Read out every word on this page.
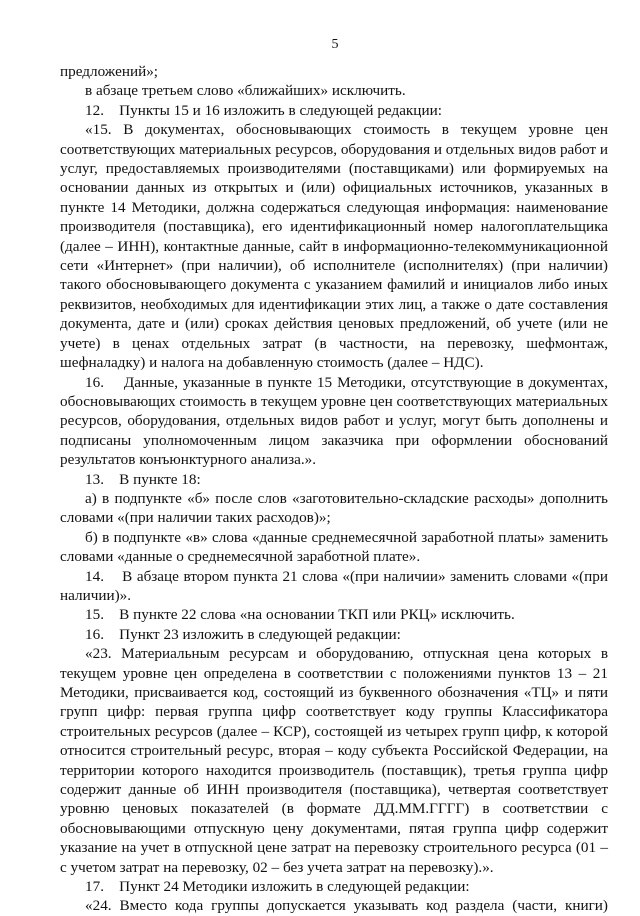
5

предложений»;

в абзаце третьем слово «ближайших» исключить.

12.    Пункты 15 и 16 изложить в следующей редакции:

«15. В документах, обосновывающих стоимость в текущем уровне цен соответствующих материальных ресурсов, оборудования и отдельных видов работ и услуг, предоставляемых производителями (поставщиками) или формируемых на основании данных из открытых и (или) официальных источников, указанных в пункте 14 Методики, должна содержаться следующая информация: наименование производителя (поставщика), его идентификационный номер налогоплательщика (далее – ИНН), контактные данные, сайт в информационно-телекоммуникационной сети «Интернет» (при наличии), об исполнителе (исполнителях) (при наличии) такого обосновывающего документа с указанием фамилий и инициалов либо иных реквизитов, необходимых для идентификации этих лиц, а также о дате составления документа, дате и (или) сроках действия ценовых предложений, об учете (или не учете) в ценах отдельных затрат (в частности, на перевозку, шефмонтаж, шефналадку) и налога на добавленную стоимость (далее – НДС).

16.    Данные, указанные в пункте 15 Методики, отсутствующие в документах, обосновывающих стоимость в текущем уровне цен соответствующих материальных ресурсов, оборудования, отдельных видов работ и услуг, могут быть дополнены и подписаны уполномоченным лицом заказчика при оформлении обоснований результатов конъюнктурного анализа.».

13.    В пункте 18:

а) в подпункте «б» после слов «заготовительно-складские расходы» дополнить словами «(при наличии таких расходов)»;

б) в подпункте «в» слова «данные среднемесячной заработной платы» заменить словами «данные о среднемесячной заработной плате».

14.    В абзаце втором пункта 21 слова «(при наличии» заменить словами «(при наличии)».

15.    В пункте 22 слова «на основании ТКП или РКЦ» исключить.

16.    Пункт 23 изложить в следующей редакции:

«23. Материальным ресурсам и оборудованию, отпускная цена которых в текущем уровне цен определена в соответствии с положениями пунктов 13 – 21 Методики, присваивается код, состоящий из буквенного обозначения «ТЦ» и пяти групп цифр: первая группа цифр соответствует коду группы Классификатора строительных ресурсов (далее – КСР), состоящей из четырех групп цифр, к которой относится строительный ресурс, вторая – коду субъекта Российской Федерации, на территории которого находится производитель (поставщик), третья группа цифр содержит данные об ИНН производителя (поставщика), четвертая соответствует уровню ценовых показателей (в формате ДД.ММ.ГГГГ) в соответствии с обосновывающими отпускную цену документами, пятая группа цифр содержит указание на учет в отпускной цене затрат на перевозку строительного ресурса (01 – с учетом затрат на перевозку, 02 – без учета затрат на перевозку).».

17.    Пункт 24 Методики изложить в следующей редакции:

«24. Вместо кода группы допускается указывать код раздела (части, книги)
